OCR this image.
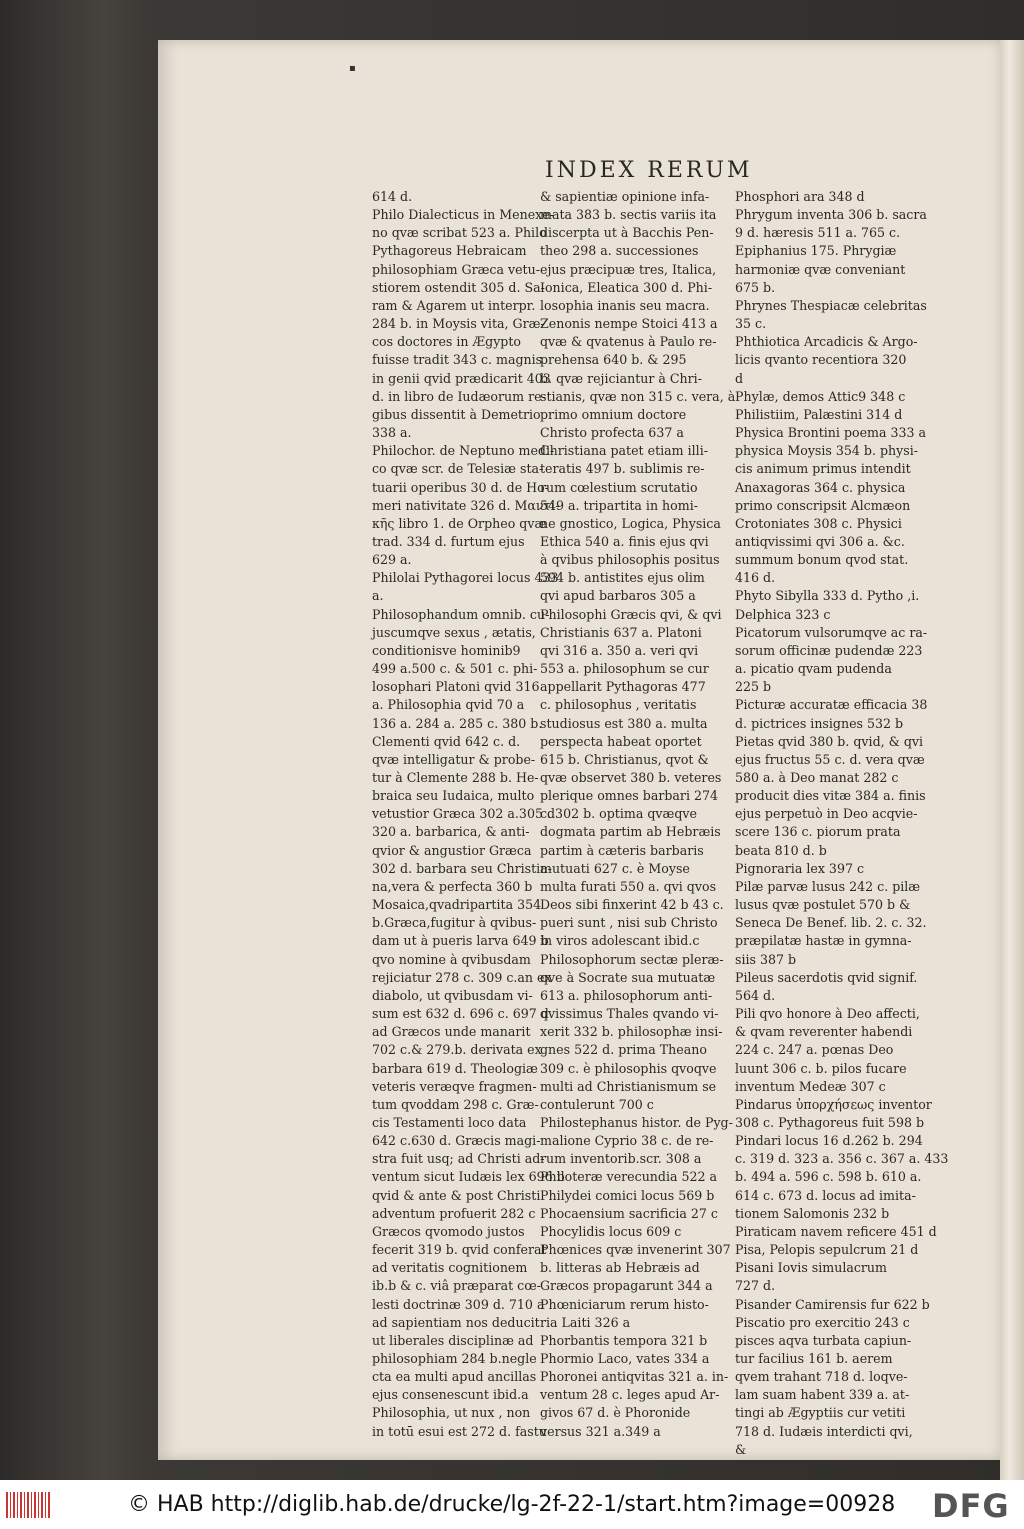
▪
INDEX RERUM
614 d.
Philo Dialecticus in Menexe-
no qvæ scribat 523 a. Philo
Pythagoreus Hebraicam
philosophiam Græca vetu-
stiorem ostendit 305 d. Sa-
ram & Agarem ut interpr.
284 b. in Moysis vita, Græ-
cos doctores in Ægypto
fuisse tradit 343 c. magnis
in genii qvid prædicarit 403
d. in libro de Iudæorum re-
gibus dissentit à Demetrio
338 a.
Philochor. de Neptuno medi-
co qvæ scr. de Telesiæ sta-
tuarii operibus 30 d. de Ho-
meri nativitate 326 d. Μαντι-
κῆς libro 1. de Orpheo qvæ
trad. 334 d. furtum ejus
629 a.
Philolai Pythagorei locus 433
a.
Philosophandum omnib. cu-
juscumqve sexus , ætatis,
conditionisve hominib9
499 a.500 c. & 501 c. phi-
losophari Platoni qvid 316
a. Philosophia qvid 70 a
136 a. 284 a. 285 c. 380 b.
Clementi qvid 642 c. d.
qvæ intelligatur & probe-
tur à Clemente 288 b. He-
braica seu Iudaica, multo
vetustior Græca 302 a.305 d
320 a. barbarica, & anti-
qvior & angustior Græca
302 d. barbara seu Christia-
na,vera & perfecta 360 b
Mosaica,qvadripartita 354
b.Græca,fugitur à qvibus-
dam ut à pueris larva 649 b
qvo nomine à qvibusdam
rejiciatur 278 c. 309 c.an ex
diabolo, ut qvibusdam vi-
sum est 632 d. 696 c. 697 d
ad Græcos unde manarit
702 c.& 279.b. derivata ex
barbara 619 d. Theologiæ
veteris veræqve fragmen-
tum qvoddam 298 c. Græ-
cis Testamenti loco data
642 c.630 d. Græcis magi-
stra fuit usq; ad Christi ad-
ventum sicut Iudæis lex 696 b
qvid & ante & post Christi
adventum profuerit 282 c
Græcos qvomodo justos
fecerit 319 b. qvid conferat
ad veritatis cognitionem
ib.b & c. viâ præparat cœ-
lesti doctrinæ 309 d. 710 a
ad sapientiam nos deducit
ut liberales disciplinæ ad
philosophiam 284 b.negle
cta ea multi apud ancillas
ejus consenescunt ibid.a
Philosophia, ut nux , non
in totū esui est 272 d. fastu
& sapientiæ opinione infa-
mata 383 b. sectis variis ita
discerpta ut à Bacchis Pen-
theo 298 a. successiones
ejus præcipuæ tres, Italica,
Ionica, Eleatica 300 d. Phi-
losophia inanis seu macra.
Zenonis nempe Stoici 413 a
qvæ & qvatenus à Paulo re-
prehensa 640 b. & 295
b. qvæ rejiciantur à Chri-
stianis, qvæ non 315 c. vera, à
primo omnium doctore
Christo profecta 637 a
Christiana patet etiam illi-
teratis 497 b. sublimis re-
rum cœlestium scrutatio
549 a. tripartita in homi-
ne gnostico, Logica, Physica
Ethica 540 a. finis ejus qvi
à qvibus philosophis positus
594 b. antistites ejus olim
qvi apud barbaros 305 a
Philosophi Græcis qvi, & qvi
Christianis 637 a. Platoni
qvi 316 a. 350 a. veri qvi
553 a. philosophum se cur
appellarit Pythagoras 477
c. philosophus , veritatis
studiosus est 380 a. multa
perspecta habeat oportet
615 b. Christianus, qvot &
qvæ observet 380 b. veteres
plerique omnes barbari 274
c. 302 b. optima qvæqve
dogmata partim ab Hebræis
partim à cæteris barbaris
mutuati 627 c. è Moyse
multa furati 550 a. qvi qvos
Deos sibi finxerint 42 b 43 c.
pueri sunt , nisi sub Christo
in viros adolescant ibid.c
Philosophorum sectæ pleræ-
qve à Socrate sua mutuatæ
613 a. philosophorum anti-
qvissimus Thales qvando vi-
xerit 332 b. philosophæ insi-
gnes 522 d. prima Theano
309 c. è philosophis qvoqve
multi ad Christianismum se
contulerunt 700 c
Philostephanus histor. de Pyg-
malione Cyprio 38 c. de re-
rum inventorib.scr. 308 a
Philoteræ verecundia 522 a
Philydei comici locus 569 b
Phocaensium sacrificia 27 c
Phocylidis locus 609 c
Phœnices qvæ invenerint 307
b. litteras ab Hebræis ad
Græcos propagarunt 344 a
Phœniciarum rerum histo-
ria Laiti 326 a
Phorbantis tempora 321 b
Phormio Laco, vates 334 a
Phoronei antiqvitas 321 a. in-
ventum 28 c. leges apud Ar-
givos 67 d. è Phoronide
versus 321 a.349 a
Phosphori ara 348 d
Phrygum inventa 306 b. sacra
9 d. hæresis 511 a. 765 c.
Epiphanius 175. Phrygiæ
harmoniæ qvæ conveniant
675 b.
Phrynes Thespiacæ celebritas
35 c.
Phthiotica Arcadicis & Argo-
licis qvanto recentiora 320
d
Phylæ, demos Attic9 348 c
Philistiim, Palæstini 314 d
Physica Brontini poema 333 a
physica Moysis 354 b. physi-
cis animum primus intendit
Anaxagoras 364 c. physica
primo conscripsit Alcmæon
Crotoniates 308 c. Physici
antiqvissimi qvi 306 a. &c.
summum bonum qvod stat.
416 d.
Phyto Sibylla 333 d. Pytho ,i.
Delphica 323 c
Picatorum vulsorumqve ac ra-
sorum officinæ pudendæ 223
a. picatio qvam pudenda
225 b
Picturæ accuratæ efficacia 38
d. pictrices insignes 532 b
Pietas qvid 380 b. qvid, & qvi
ejus fructus 55 c. d. vera qvæ
580 a. à Deo manat 282 c
producit dies vitæ 384 a. finis
ejus perpetuò in Deo acqvie-
scere 136 c. piorum prata
beata 810 d. b
Pignoraria lex 397 c
Pilæ parvæ lusus 242 c. pilæ
lusus qvæ postulet 570 b &
Seneca De Benef. lib. 2. c. 32.
præpilatæ hastæ in gymna-
siis 387 b
Pileus sacerdotis qvid signif.
564 d.
Pili qvo honore à Deo affecti,
& qvam reverenter habendi
224 c. 247 a. pœnas Deo
luunt 306 c. b. pilos fucare
inventum Medeæ 307 c
Pindarus ὑπορχήσεως inventor
308 c. Pythagoreus fuit 598 b
Pindari locus 16 d.262 b. 294
c. 319 d. 323 a. 356 c. 367 a. 433
b. 494 a. 596 c. 598 b. 610 a.
614 c. 673 d. locus ad imita-
tionem Salomonis 232 b
Piraticam navem reficere 451 d
Pisa, Pelopis sepulcrum 21 d
Pisani Iovis simulacrum
727 d.
Pisander Camirensis fur 622 b
Piscatio pro exercitio 243 c
pisces aqva turbata capiun-
tur facilius 161 b. aerem
qvem trahant 718 d. loqve-
lam suam habent 339 a. at-
tingi ab Ægyptiis cur vetiti
718 d. Iudæis interdicti qvi,
&
© HAB http://diglib.hab.de/drucke/lg-2f-22-1/start.htm?image=00928 DFG
